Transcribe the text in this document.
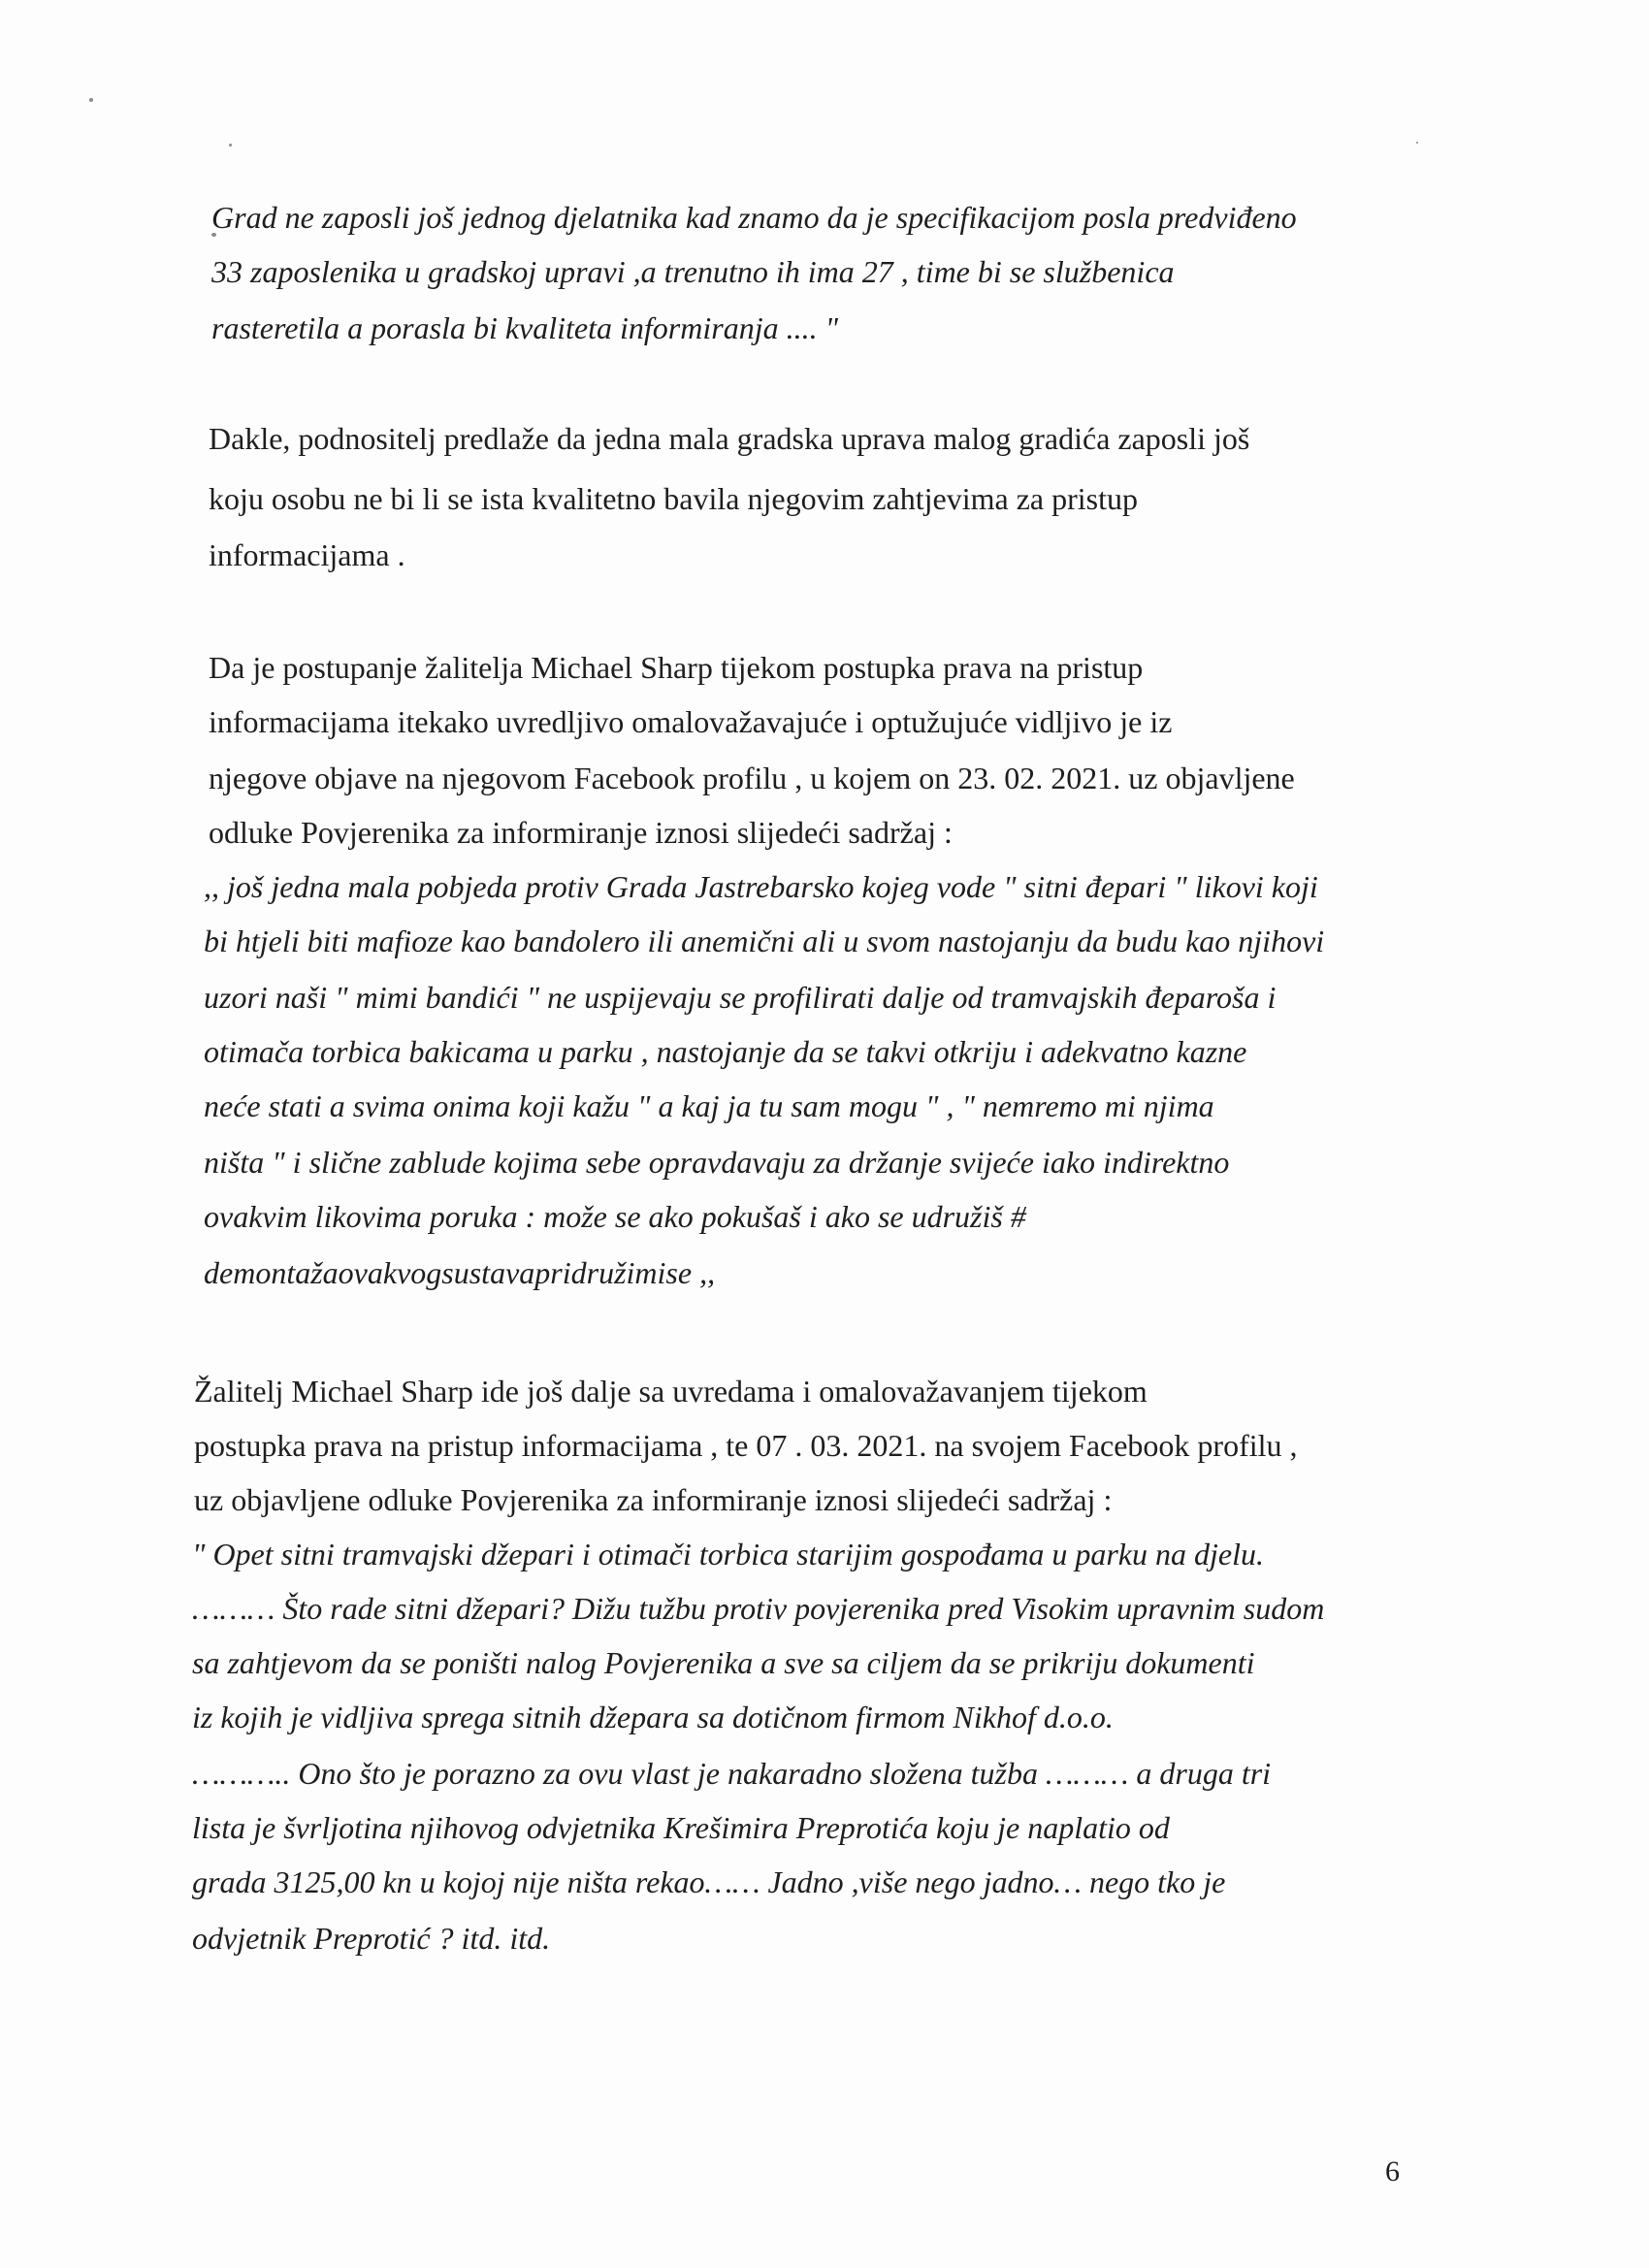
Grad ne zaposli još jednog djelatnika kad znamo da je specifikacijom posla predviđeno
33 zaposlenika u gradskoj upravi ,a trenutno ih ima 27 , time bi se službenica
rasteretila a porasla bi kvaliteta informiranja .... "
Dakle, podnositelj predlaže da jedna mala gradska uprava malog gradića zaposli još
koju osobu ne bi li se ista kvalitetno bavila njegovim zahtjevima za pristup
informacijama .
Da je postupanje žalitelja Michael Sharp tijekom postupka prava na pristup
informacijama itekako uvredljivo omalovažavajuće i optužujuće vidljivo je iz
njegove objave na njegovom Facebook profilu , u kojem on 23. 02. 2021. uz objavljene
odluke Povjerenika za informiranje iznosi slijedeći sadržaj :
,, još jedna mala pobjeda protiv Grada Jastrebarsko kojeg vode " sitni đepari " likovi koji
bi htjeli biti mafioze kao bandolero ili anemični ali u svom nastojanju da budu kao njihovi
uzori naši " mimi bandići " ne uspijevaju se profilirati dalje od tramvajskih đeparoša i
otimača torbica bakicama u parku , nastojanje da se takvi otkriju i adekvatno kazne
neće stati a svima onima koji kažu " a kaj ja tu sam mogu " , " nemremo mi njima
ništa " i slične zablude kojima sebe opravdavaju za držanje svijeće iako indirektno
ovakvim likovima poruka : može se ako pokušaš i ako se udružiš #
demontažaovakvogsustavapridružimise ,,
Žalitelj Michael Sharp ide još dalje sa uvredama i omalovažavanjem tijekom
postupka prava na pristup informacijama , te 07 . 03. 2021. na svojem Facebook profilu ,
uz objavljene odluke Povjerenika za informiranje iznosi slijedeći sadržaj :
" Opet sitni tramvajski džepari i otimači torbica starijim gospođama u parku na djelu.
……… Što rade sitni džepari? Dižu tužbu protiv povjerenika pred Visokim upravnim sudom
sa zahtjevom da se poništi nalog Povjerenika a sve sa ciljem da se prikriju dokumenti
iz kojih je vidljiva sprega sitnih džepara sa dotičnom firmom Nikhof d.o.o.
……….. Ono što je porazno za ovu vlast je nakaradno složena tužba ……… a druga tri
lista je švrljotina njihovog odvjetnika Krešimira Preprotića koju je naplatio od
grada 3125,00 kn u kojoj nije ništa rekao…… Jadno ,više nego jadno… nego tko je
odvjetnik Preprotić ? itd. itd.
6
